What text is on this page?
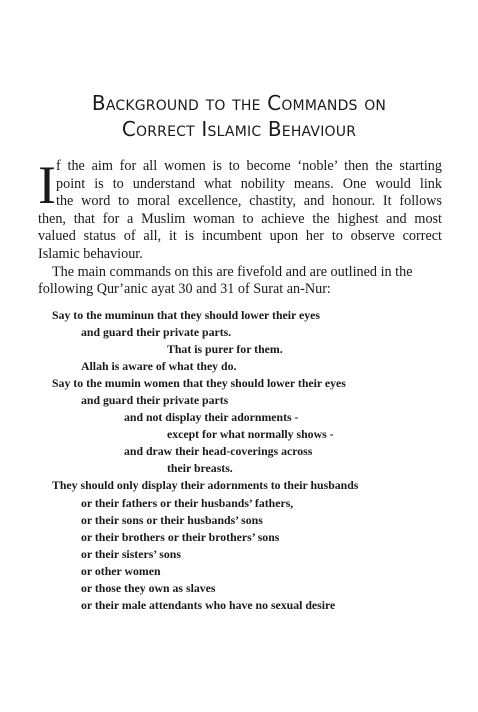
Background to the Commands on
Correct Islamic Behaviour
I f the aim for all women is to become ‘noble’ then the starting
point is to understand what nobility means. One would link
the word to moral excellence, chastity, and honour. It follows
then, that for a Muslim woman to achieve the highest and most
valued status of all, it is incumbent upon her to observe correct
Islamic behaviour.
The main commands on this are fivefold and are outlined in the
following Qur’anic ayat 30 and 31 of Surat an-Nur:
Say to the muminun that they should lower their eyes
and guard their private parts.
That is purer for them.
Allah is aware of what they do.
Say to the mumin women that they should lower their eyes
and guard their private parts
and not display their adornments -
except for what normally shows -
and draw their head-coverings across
their breasts.
They should only display their adornments to their husbands
or their fathers or their husbands’ fathers,
or their sons or their husbands’ sons
or their brothers or their brothers’ sons
or their sisters’ sons
or other women
or those they own as slaves
or their male attendants who have no sexual desire
